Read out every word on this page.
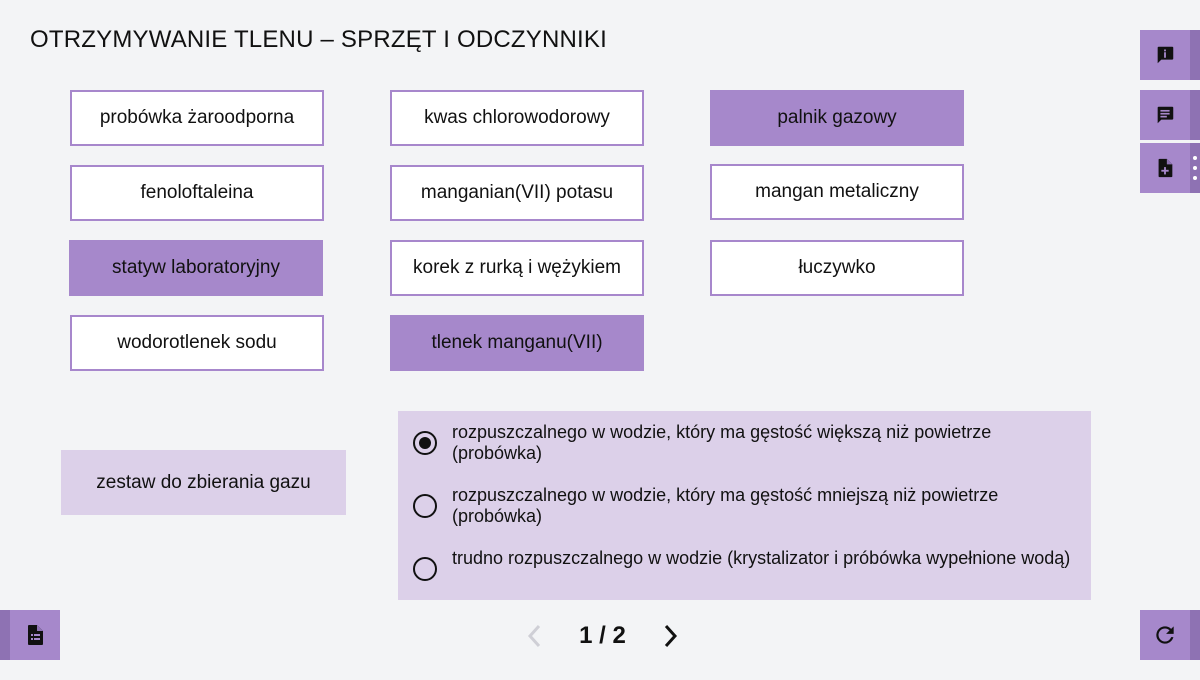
OTRZYMYWANIE TLENU – SPRZĘT I ODCZYNNIKI
probówka żaroodporna	kwas chlorowodorowy	palnik gazowy
fenoloftaleina	manganian(VII) potasu	mangan metaliczny
statyw laboratoryjny	korek z rurką i wężykiem	łuczywko
wodorotlenek sodu	tlenek manganu(VII)
zestaw do zbierania gazu
rozpuszczalnego w wodzie, który ma gęstość większą niż powietrze (probówka)
rozpuszczalnego w wodzie, który ma gęstość mniejszą niż powietrze (probówka)
trudno rozpuszczalnego w wodzie (krystalizator i próbówka wypełnione wodą)
1 / 2
